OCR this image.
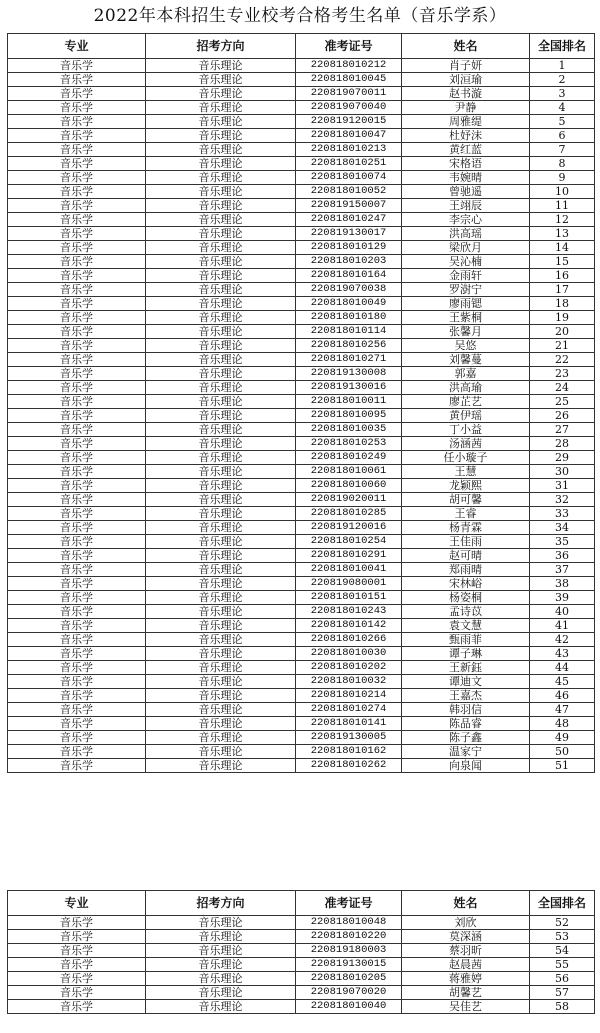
2022年本科招生专业校考合格考生名单（音乐学系）
专业	招考方向	准考证号	姓名	全国排名
音乐学	音乐理论	220818010212	肖子妍	1
音乐学	音乐理论	220818010045	刘洹瑜	2
音乐学	音乐理论	220819070011	赵书漩	3
音乐学	音乐理论	220819070040	尹静	4
音乐学	音乐理论	220819120015	周雅缇	5
音乐学	音乐理论	220818010047	杜妤沫	6
音乐学	音乐理论	220818010213	黄红蓝	7
音乐学	音乐理论	220818010251	宋格语	8
音乐学	音乐理论	220818010074	韦婉晴	9
音乐学	音乐理论	220818010052	曾驰遥	10
音乐学	音乐理论	220819150007	王翊辰	11
音乐学	音乐理论	220818010247	李宗心	12
音乐学	音乐理论	220819130017	洪高瑶	13
音乐学	音乐理论	220818010129	梁欣月	14
音乐学	音乐理论	220818010203	吴沁楠	15
音乐学	音乐理论	220818010164	金雨轩	16
音乐学	音乐理论	220819070038	罗澍宁	17
音乐学	音乐理论	220818010049	廖雨锶	18
音乐学	音乐理论	220818010180	王紫桐	19
音乐学	音乐理论	220818010114	张馨月	20
音乐学	音乐理论	220818010256	吴悠	21
音乐学	音乐理论	220818010271	刘馨蔓	22
音乐学	音乐理论	220819130008	郭嘉	23
音乐学	音乐理论	220819130016	洪高瑜	24
音乐学	音乐理论	220818010011	廖芷艺	25
音乐学	音乐理论	220818010095	黄伊瑶	26
音乐学	音乐理论	220818010035	丁小益	27
音乐学	音乐理论	220818010253	汤涵茜	28
音乐学	音乐理论	220818010249	任小璇子	29
音乐学	音乐理论	220818010061	王慧	30
音乐学	音乐理论	220818010060	龙颖熙	31
音乐学	音乐理论	220819020011	胡可馨	32
音乐学	音乐理论	220818010285	王睿	33
音乐学	音乐理论	220819120016	杨青霖	34
音乐学	音乐理论	220818010254	王佳雨	35
音乐学	音乐理论	220818010291	赵可晴	36
音乐学	音乐理论	220818010041	郑雨晴	37
音乐学	音乐理论	220819080001	宋林峪	38
音乐学	音乐理论	220818010151	杨姿桐	39
音乐学	音乐理论	220818010243	孟诗苡	40
音乐学	音乐理论	220818010142	袁文慧	41
音乐学	音乐理论	220818010266	甄雨菲	42
音乐学	音乐理论	220818010030	谭子琳	43
音乐学	音乐理论	220818010202	王新鈺	44
音乐学	音乐理论	220818010032	谭迪文	45
音乐学	音乐理论	220818010214	王嘉杰	46
音乐学	音乐理论	220818010274	韩羽信	47
音乐学	音乐理论	220818010141	陈品睿	48
音乐学	音乐理论	220819130005	陈子鑫	49
音乐学	音乐理论	220818010162	温家宁	50
音乐学	音乐理论	220818010262	向泉闻	51
专业	招考方向	准考证号	姓名	全国排名
音乐学	音乐理论	220818010048	刘欣	52
音乐学	音乐理论	220818010220	莫深涵	53
音乐学	音乐理论	220819180003	蔡羽昕	54
音乐学	音乐理论	220819130015	赵晨茜	55
音乐学	音乐理论	220818010205	蒋雅婷	56
音乐学	音乐理论	220819070020	胡馨艺	57
音乐学	音乐理论	220818010040	吴佳艺	58
